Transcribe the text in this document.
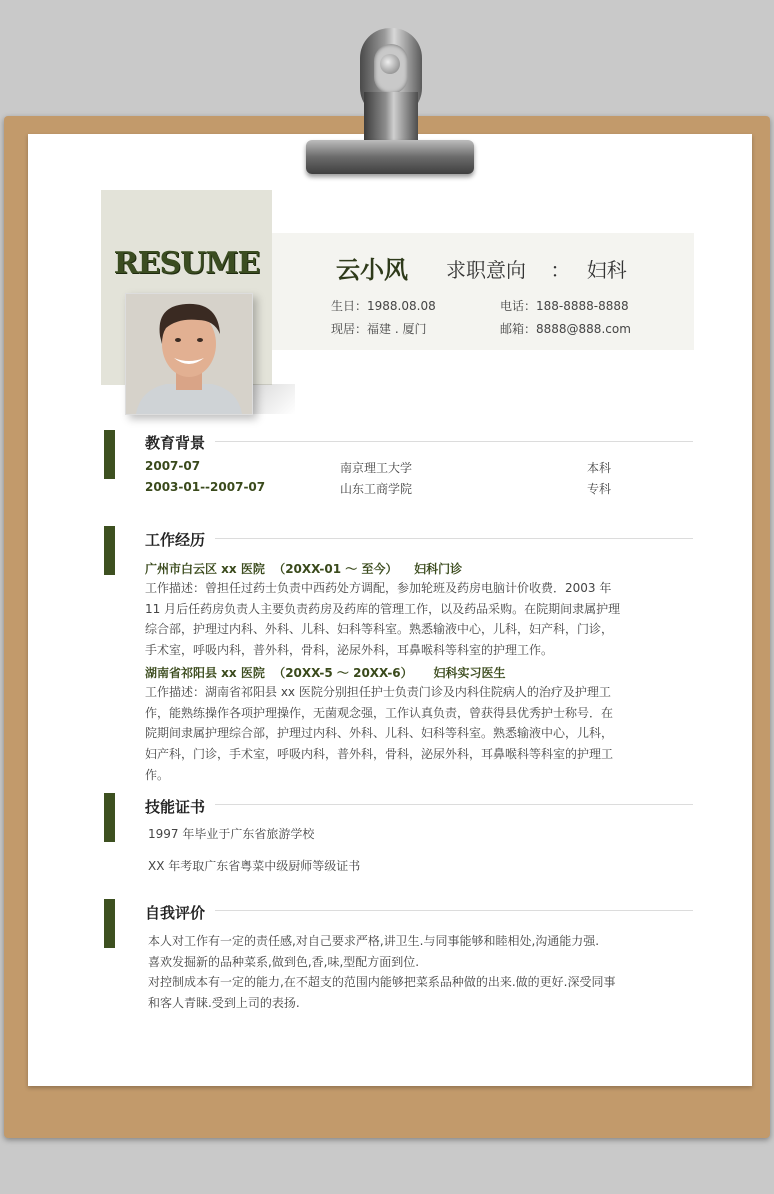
RESUME	云小风 求职意向 ： 妇科
生日：1988.08.08	电话：188-8888-8888
现居：福建 . 厦门	邮箱：8888@888.com
教育背景
2007-07	南京理工大学	本科
2003-01--2007-07	山东工商学院	专科
工作经历
广州市白云区 xx 医院  （20XX-01 ～ 至今）    妇科门诊
工作描述：曾担任过药士负责中西药处方调配，参加轮班及药房电脑计价收费．2003 年
11 月后任药房负责人主要负责药房及药库的管理工作，以及药品采购。在院期间隶属护理
综合部，护理过内科、外科、儿科、妇科等科室。熟悉输液中心，儿科，妇产科，门诊，
手术室，呼吸内科，普外科，骨科，泌尿外科，耳鼻喉科等科室的护理工作。
湖南省祁阳县 xx 医院  （20XX-5 ～ 20XX-6）     妇科实习医生
工作描述：湖南省祁阳县 xx 医院分别担任护士负责门诊及内科住院病人的治疗及护理工
作，能熟练操作各项护理操作，无菌观念强，工作认真负责，曾获得县优秀护士称号．在
院期间隶属护理综合部，护理过内科、外科、儿科、妇科等科室。熟悉输液中心，儿科，
妇产科，门诊，手术室，呼吸内科，普外科，骨科，泌尿外科，耳鼻喉科等科室的护理工
作。
技能证书
1997 年毕业于广东省旅游学校
XX 年考取广东省粤菜中级厨师等级证书
自我评价
本人对工作有一定的责任感,对自己要求严格,讲卫生.与同事能够和睦相处,沟通能力强.
喜欢发掘新的品种菜系,做到色,香,味,型配方面到位.
对控制成本有一定的能力,在不超支的范围内能够把菜系品种做的出来.做的更好.深受同事
和客人青睐.受到上司的表扬.
